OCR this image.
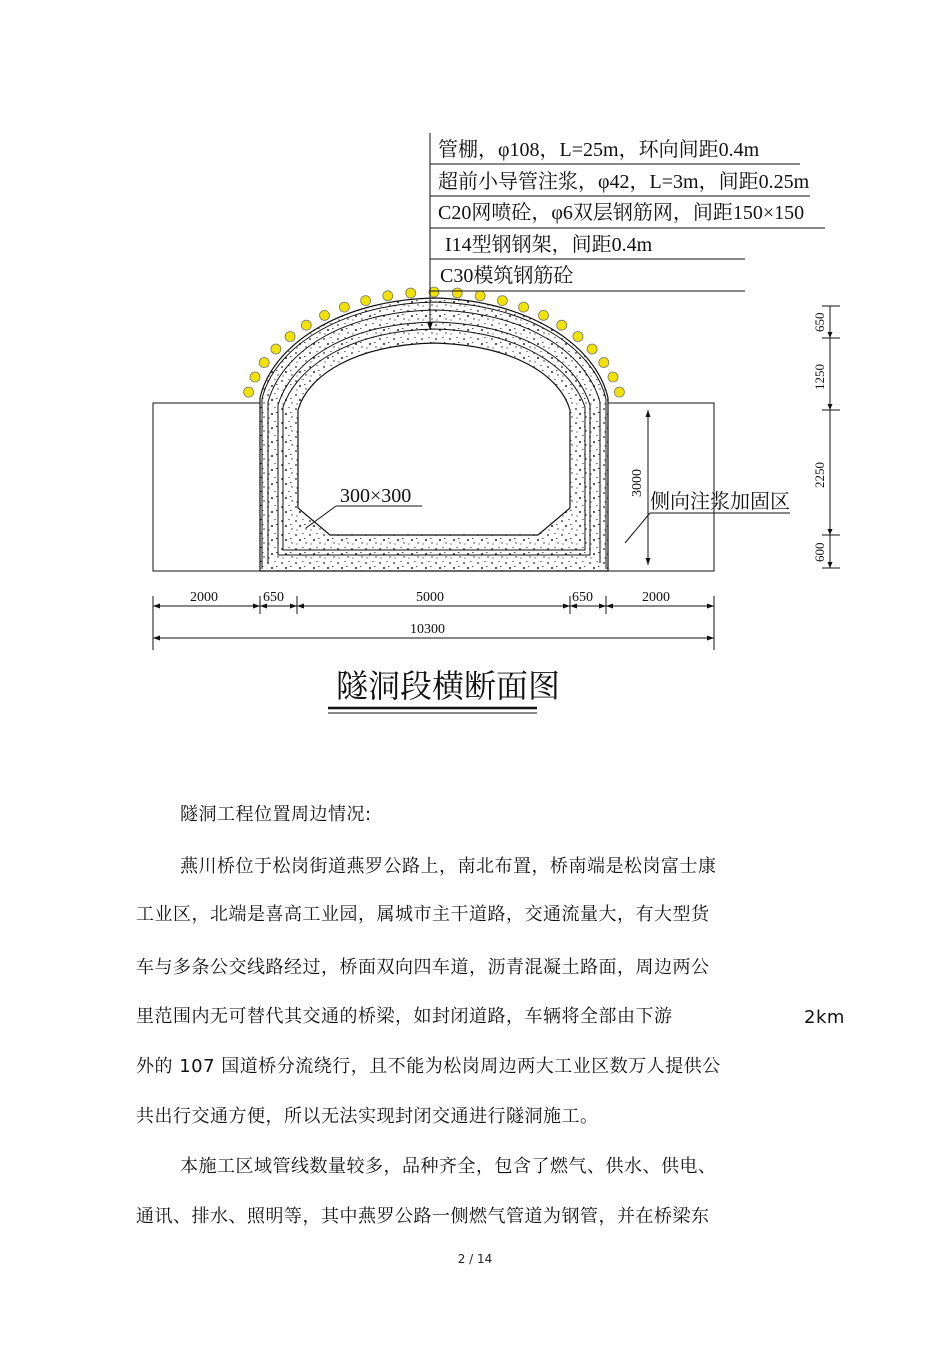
管棚，φ108，L=25m，环向间距0.4m
超前小导管注浆，φ42，L=3m，间距0.25m
C20网喷砼，φ6双层钢筋网，间距150×150
I14型钢钢架，间距0.4m
C30模筑钢筋砼
300×300	侧向注浆加固区
3000
650
1250
2250
600
2000	650	5000	650	2000
10300
隧洞段横断面图
隧洞工程位置周边情况:
燕川桥位于松岗街道燕罗公路上，南北布置，桥南端是松岗富士康
工业区，北端是喜高工业园，属城市主干道路，交通流量大，有大型货
车与多条公交线路经过，桥面双向四车道，沥青混凝土路面，周边两公
里范围内无可替代其交通的桥梁，如封闭道路，车辆将全部由下游	2km
外的 107 国道桥分流绕行，且不能为松岗周边两大工业区数万人提供公
共出行交通方便，所以无法实现封闭交通进行隧洞施工。
本施工区域管线数量较多，品种齐全，包含了燃气、供水、供电、
通讯、排水、照明等，其中燕罗公路一侧燃气管道为钢管，并在桥梁东
2 / 14
